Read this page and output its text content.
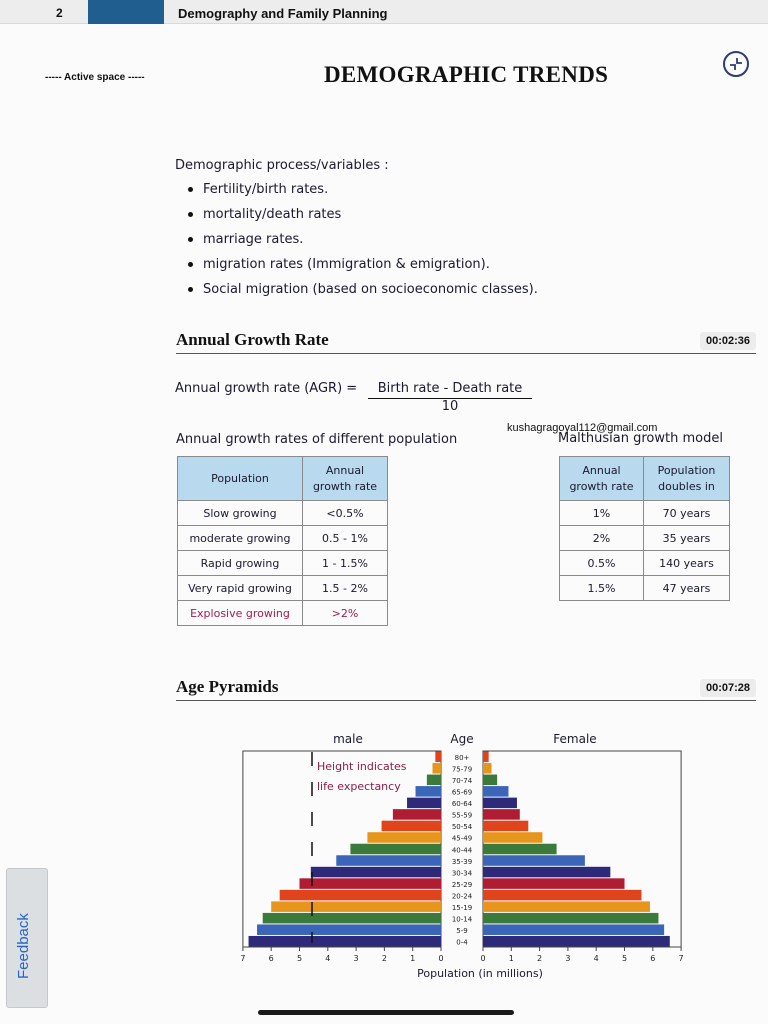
2	Demography and Family Planning
----- Active space -----	DEMOGRAPHIC TRENDS
Demographic process/variables :
Fertility/birth rates.
mortality/death rates
marriage rates.
migration rates (Immigration & emigration).
Social migration (based on socioeconomic classes).
Annual Growth Rate	00:02:36
Annual growth rate (AGR) =	Birth rate - Death rate
10
kushagragoyal112@gmail.com
Annual growth rates of different population
Population	Annual growth rate
Slow growing	<0.5%
moderate growing	0.5 - 1%
Rapid growing	1 - 1.5%
Very rapid growing	1.5 - 2%
Explosive growing	>2%
Malthusian growth model
Annual growth rate	Population doubles in
1%	70 years
2%	35 years
0.5%	140 years
1.5%	47 years
Age Pyramids	00:07:28
0-4
5-9
10-14
15-19
20-24
25-29
30-34
35-39
40-44
45-49
50-54
55-59
60-64
65-69
70-74
75-79
80+
7	6	5	4	3	2	1	0	0	1	2	3	4	5	6	7
male	Age	Female
Population (in millions)
Height indicates
life expectancy
Feedback
